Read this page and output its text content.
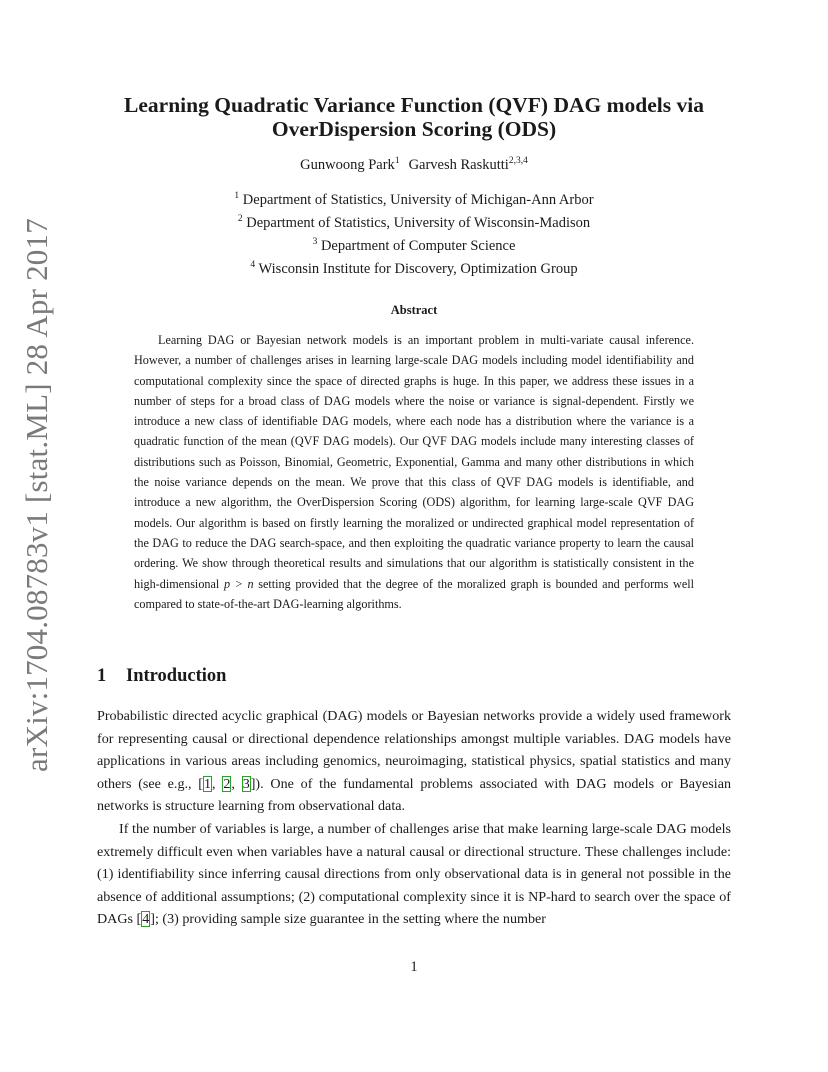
arXiv:1704.08783v1 [stat.ML] 28 Apr 2017
Learning Quadratic Variance Function (QVF) DAG models via
OverDispersion Scoring (ODS)
Gunwoong Park$^1$ Garvesh Raskutti$^{2,3,4}$
$^1$ Department of Statistics, University of Michigan-Ann Arbor
$^2$ Department of Statistics, University of Wisconsin-Madison
$^3$ Department of Computer Science
$^4$ Wisconsin Institute for Discovery, Optimization Group
Abstract

Learning DAG or Bayesian network models is an important problem in multi-variate causal inference. However, a number of challenges arises in learning large-scale DAG models including model identifiability and computational complexity since the space of directed graphs is huge. In this paper, we address these issues in a number of steps for a broad class of DAG models where the noise or variance is signal-dependent. Firstly we introduce a new class of identifiable DAG models, where each node has a distribution where the variance is a quadratic function of the mean (QVF DAG models). Our QVF DAG models include many interesting classes of distributions such as Poisson, Binomial, Geometric, Exponential, Gamma and many other distributions in which the noise variance depends on the mean. We prove that this class of QVF DAG models is identifiable, and introduce a new algorithm, the OverDispersion Scoring (ODS) algorithm, for learning large-scale QVF DAG models. Our algorithm is based on firstly learning the moralized or undirected graphical model representation of the DAG to reduce the DAG search-space, and then exploiting the quadratic variance property to learn the causal ordering. We show through theoretical results and simulations that our algorithm is statistically consistent in the high-dimensional p > n setting provided that the degree of the moralized graph is bounded and performs well compared to state-of-the-art DAG-learning algorithms.

1 Introduction

Probabilistic directed acyclic graphical (DAG) models or Bayesian networks provide a widely used framework for representing causal or directional dependence relationships amongst multiple variables. DAG models have applications in various areas including genomics, neuroimaging, statistical physics, spatial statistics and many others (see e.g., [1, 2, 3]). One of the fundamental problems associated with DAG models or Bayesian networks is structure learning from observational data.

If the number of variables is large, a number of challenges arise that make learning large-scale DAG models extremely difficult even when variables have a natural causal or directional structure. These challenges include: (1) identifiability since inferring causal directions from only observational data is in general not possible in the absence of additional assumptions; (2) computational complexity since it is NP-hard to search over the space of DAGs [4]; (3) providing sample size guarantee in the setting where the number

1
